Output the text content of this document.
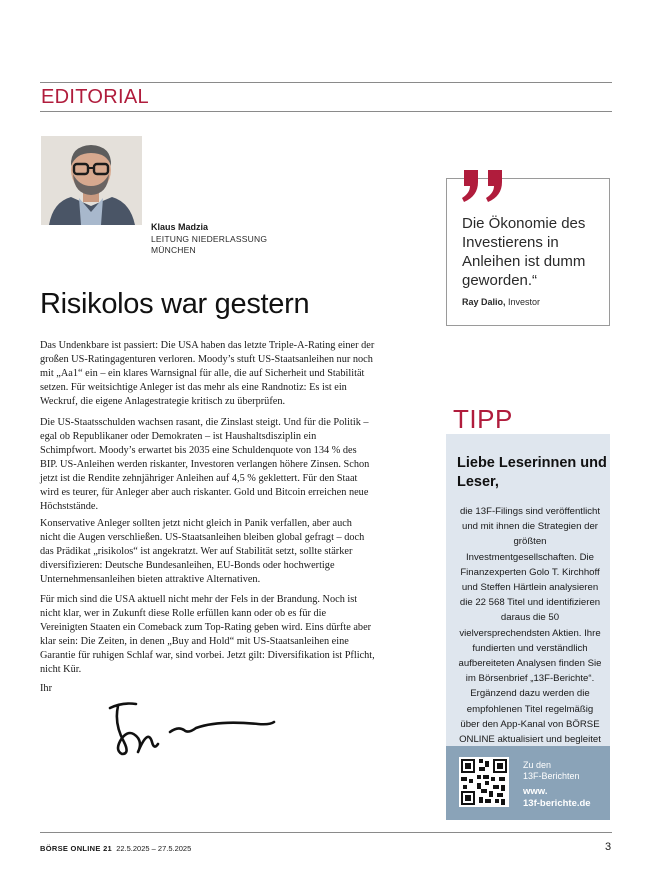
EDITORIAL
Klaus Madzia
LEITUNG NIEDERLASSUNG
MÜNCHEN
Risikolos war gestern

Das Undenkbare ist passiert: Die USA haben das letzte Triple-A-Rating einer der großen US-Ratingagenturen verloren. Moody’s stuft US-Staatsanleihen nur noch mit „Aa1“ ein – ein klares Warnsignal für alle, die auf Sicherheit und Stabilität setzen. Für weitsichtige Anleger ist das mehr als eine Randnotiz: Es ist ein Weckruf, die eigene Anlagestrategie kritisch zu überprüfen.

Die US-Staatsschulden wachsen rasant, die Zinslast steigt. Und für die Politik – egal ob Republikaner oder Demokraten – ist Haushaltsdisziplin ein Schimpfwort. Moody’s erwartet bis 2035 eine Schuldenquote von 134 % des BIP. US-Anleihen werden riskanter, Investoren verlangen höhere Zinsen. Schon jetzt ist die Rendite zehnjähriger Anleihen auf 4,5 % geklettert. Für den Staat wird es teurer, für Anleger aber auch riskanter. Gold und Bitcoin erreichen neue Höchststände.

Konservative Anleger sollten jetzt nicht gleich in Panik verfallen, aber auch nicht die Augen verschließen. US-Staatsanleihen bleiben global gefragt – doch das Prädikat „risikolos“ ist angekratzt. Wer auf Stabilität setzt, sollte stärker diversifizieren: Deutsche Bundesanleihen, EU-Bonds oder hochwertige Unternehmensanleihen bieten attraktive Alternativen.

Für mich sind die USA aktuell nicht mehr der Fels in der Brandung. Noch ist nicht klar, wer in Zukunft diese Rolle erfüllen kann oder ob es für die Vereinigten Staaten ein Comeback zum Top-Rating geben wird. Eins dürfte aber klar sein: Die Zeiten, in denen „Buy and Hold“ mit US-Staatsanleihen eine Garantie für ruhigen Schlaf war, sind vorbei. Jetzt gilt: Diversifikation ist Pflicht, nicht Kür.

Ihr
Die Ökonomie des Investierens in Anleihen ist dumm geworden.“
Ray Dalio, Investor
TIPP
Liebe Leserinnen und Leser,
die 13F-Filings sind veröffentlicht und mit ihnen die Strategien der größten Investmentgesellschaften. Die Finanzexperten Golo T. Kirchhoff und Steffen Härtlein analysieren die 22 568 Titel und identifizieren daraus die 50 vielversprechendsten Aktien. Ihre fundierten und verständlich aufbereiteten Analysen finden Sie im Börsenbrief „13F-Berichte“. Ergänzend dazu werden die empfohlenen Titel regelmäßig über den App-Kanal von BÖRSE ONLINE aktualisiert und begleitet
Zu den
13F-Berichten
www.
13f-berichte.de
BÖRSE ONLINE 21 22.5.2025 – 27.5.2025	3
